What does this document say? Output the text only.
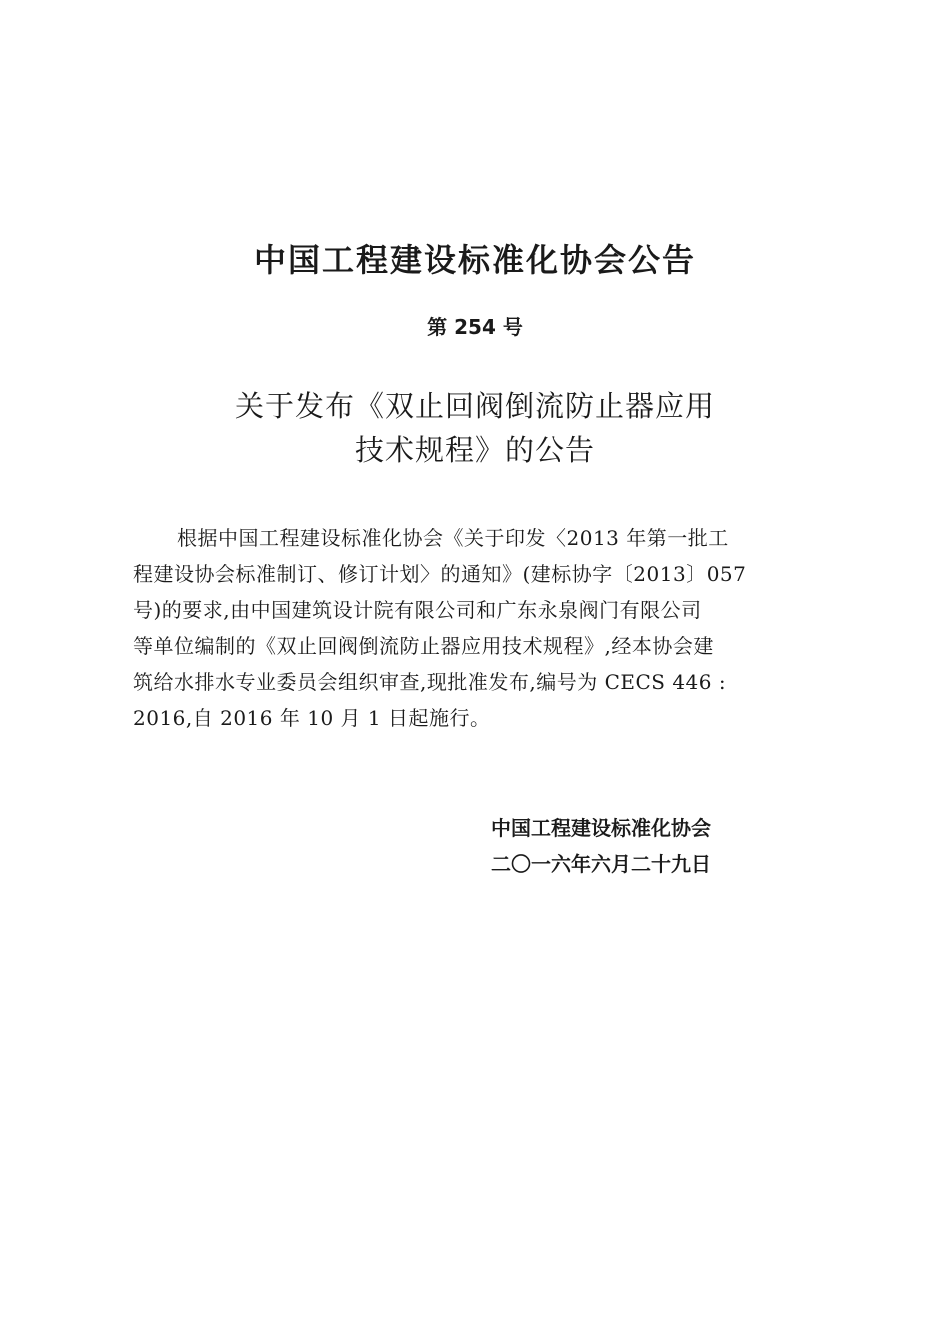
中国工程建设标准化协会公告
第 254 号
关于发布《双止回阀倒流防止器应用
技术规程》的公告
根据中国工程建设标准化协会《关于印发〈2013 年第一批工
程建设协会标准制订、修订计划〉的通知》(建标协字〔2013〕057
号)的要求,由中国建筑设计院有限公司和广东永泉阀门有限公司
等单位编制的《双止回阀倒流防止器应用技术规程》,经本协会建
筑给水排水专业委员会组织审查,现批准发布,编号为 CECS 446 :
2016,自 2016 年 10 月 1 日起施行。
中国工程建设标准化协会
二〇一六年六月二十九日
